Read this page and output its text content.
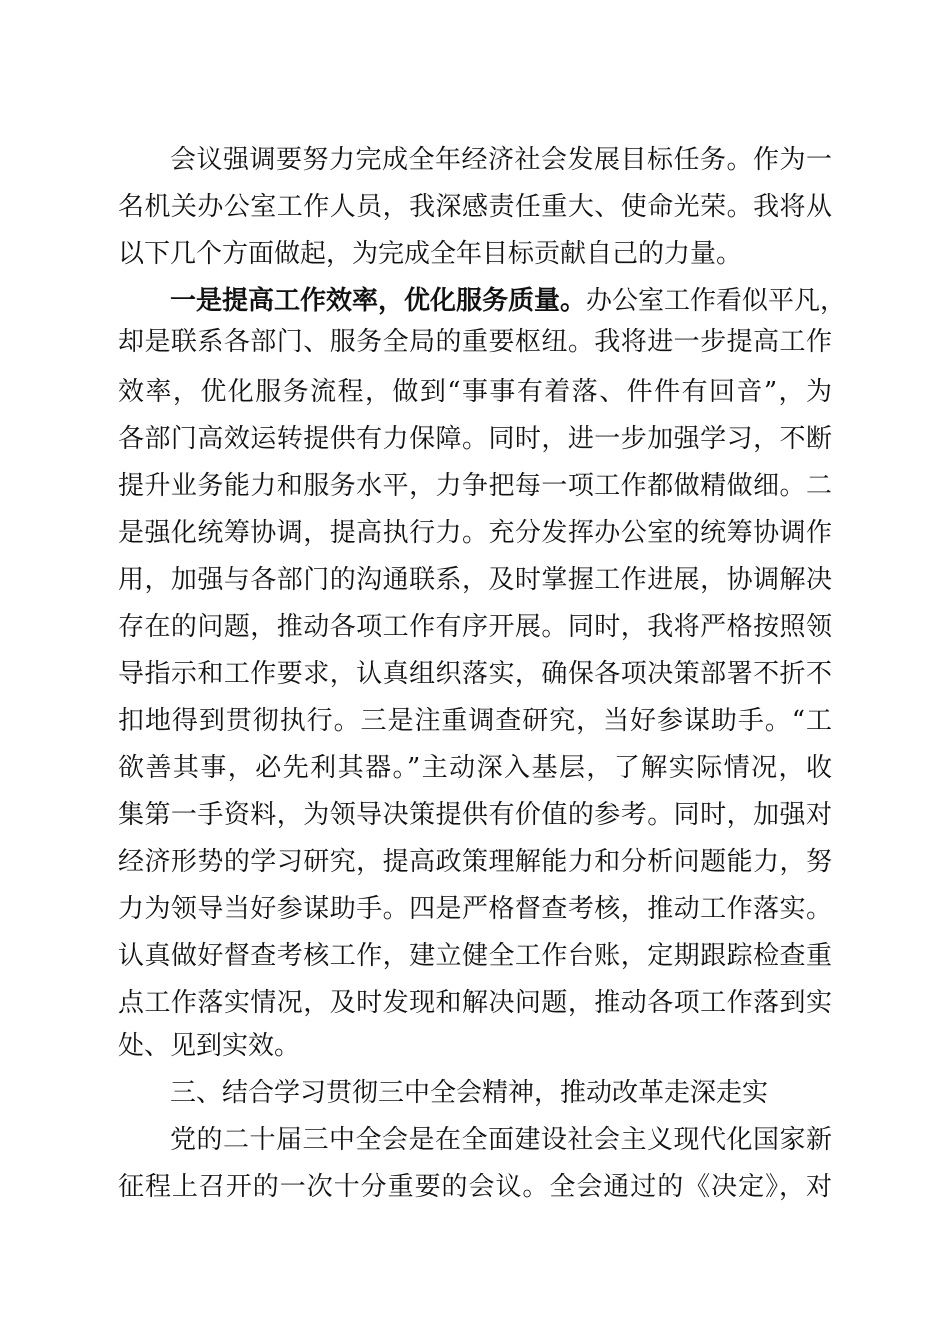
会议强调要努力完成全年经济社会发展目标任务。作为一
名机关办公室工作人员，我深感责任重大、使命光荣。我将从
以下几个方面做起，为完成全年目标贡献自己的力量。
一是提高工作效率，优化服务质量。办公室工作看似平凡，
却是联系各部门、服务全局的重要枢纽。我将进一步提高工作
效率，优化服务流程，做到“事事有着落、件件有回音”，为
各部门高效运转提供有力保障。同时，进一步加强学习，不断
提升业务能力和服务水平，力争把每一项工作都做精做细。二
是强化统筹协调，提高执行力。充分发挥办公室的统筹协调作
用，加强与各部门的沟通联系，及时掌握工作进展，协调解决
存在的问题，推动各项工作有序开展。同时，我将严格按照领
导指示和工作要求，认真组织落实，确保各项决策部署不折不
扣地得到贯彻执行。三是注重调查研究，当好参谋助手。“工
欲善其事，必先利其器。”主动深入基层，了解实际情况，收
集第一手资料，为领导决策提供有价值的参考。同时，加强对
经济形势的学习研究，提高政策理解能力和分析问题能力，努
力为领导当好参谋助手。四是严格督查考核，推动工作落实。
认真做好督查考核工作，建立健全工作台账，定期跟踪检查重
点工作落实情况，及时发现和解决问题，推动各项工作落到实
处、见到实效。
三、结合学习贯彻三中全会精神，推动改革走深走实
党的二十届三中全会是在全面建设社会主义现代化国家新
征程上召开的一次十分重要的会议。全会通过的《决定》，对
